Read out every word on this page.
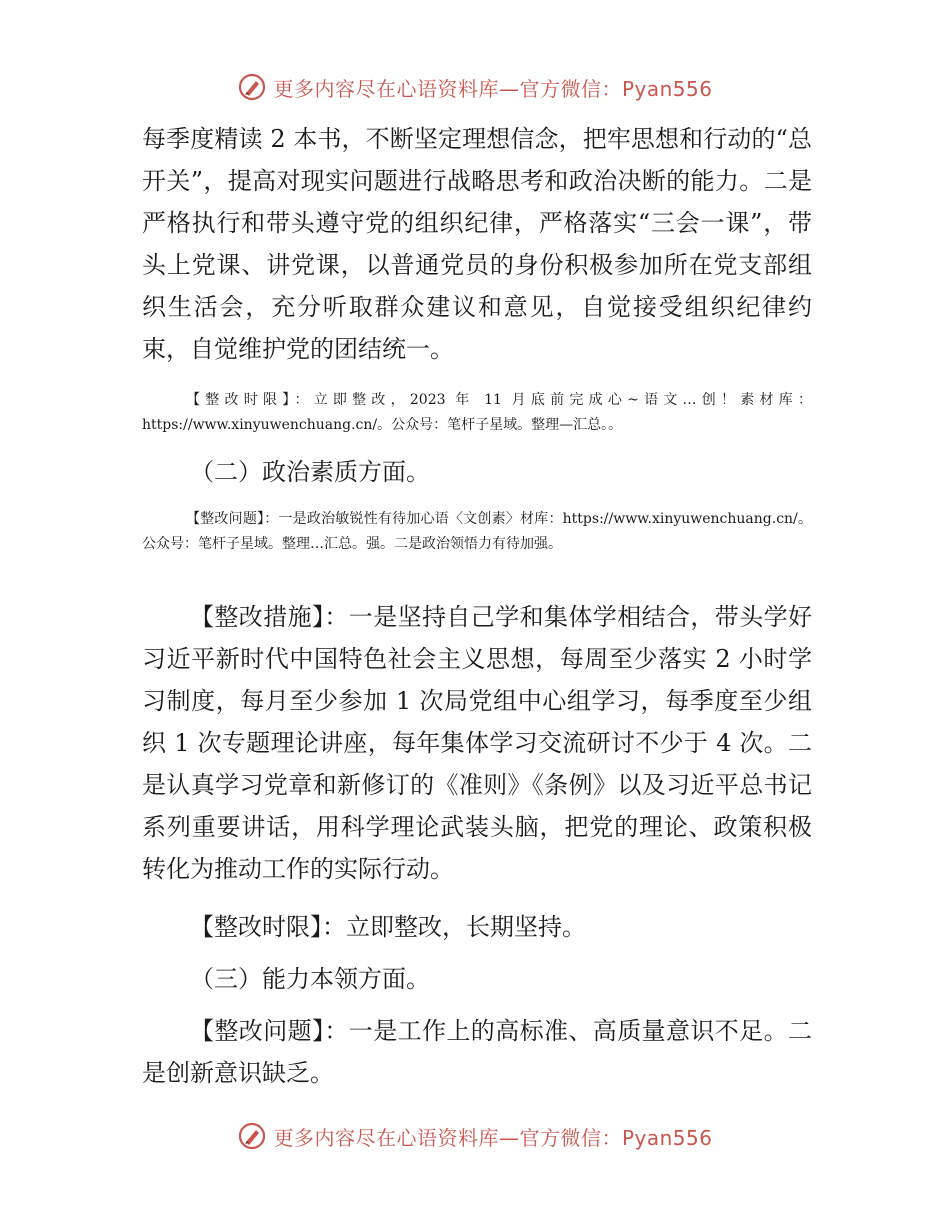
更多内容尽在心语资料库—官方微信：Pyan556

每季度精读 2 本书，不断坚定理想信念，把牢思想和行动的“总开关”，提高对现实问题进行战略思考和政治决断的能力。二是严格执行和带头遵守党的组织纪律，严格落实“三会一课”，带头上党课、讲党课，以普通党员的身份积极参加所在党支部组织生活会，充分听取群众建议和意见，自觉接受组织纪律约束，自觉维护党的团结统一。

【整改时限】：立即整改，2023 年 11 月底前完成心~语文…创！素材库：https://www.xinyuwenchuang.cn/。公众号：笔杆子星域。整理—汇总。。

（二）政治素质方面。

【整改问题】：一是政治敏锐性有待加心语〈文创素〉材库：https://www.xinyuwenchuang.cn/。公众号：笔杆子星域。整理…汇总。强。二是政治领悟力有待加强。

【整改措施】：一是坚持自己学和集体学相结合，带头学好习近平新时代中国特色社会主义思想，每周至少落实 2 小时学习制度，每月至少参加 1 次局党组中心组学习，每季度至少组织 1 次专题理论讲座，每年集体学习交流研讨不少于 4 次。二是认真学习党章和新修订的《准则》《条例》以及习近平总书记系列重要讲话，用科学理论武装头脑，把党的理论、政策积极转化为推动工作的实际行动。

【整改时限】：立即整改，长期坚持。

（三）能力本领方面。

【整改问题】：一是工作上的高标准、高质量意识不足。二是创新意识缺乏。

更多内容尽在心语资料库—官方微信：Pyan556
